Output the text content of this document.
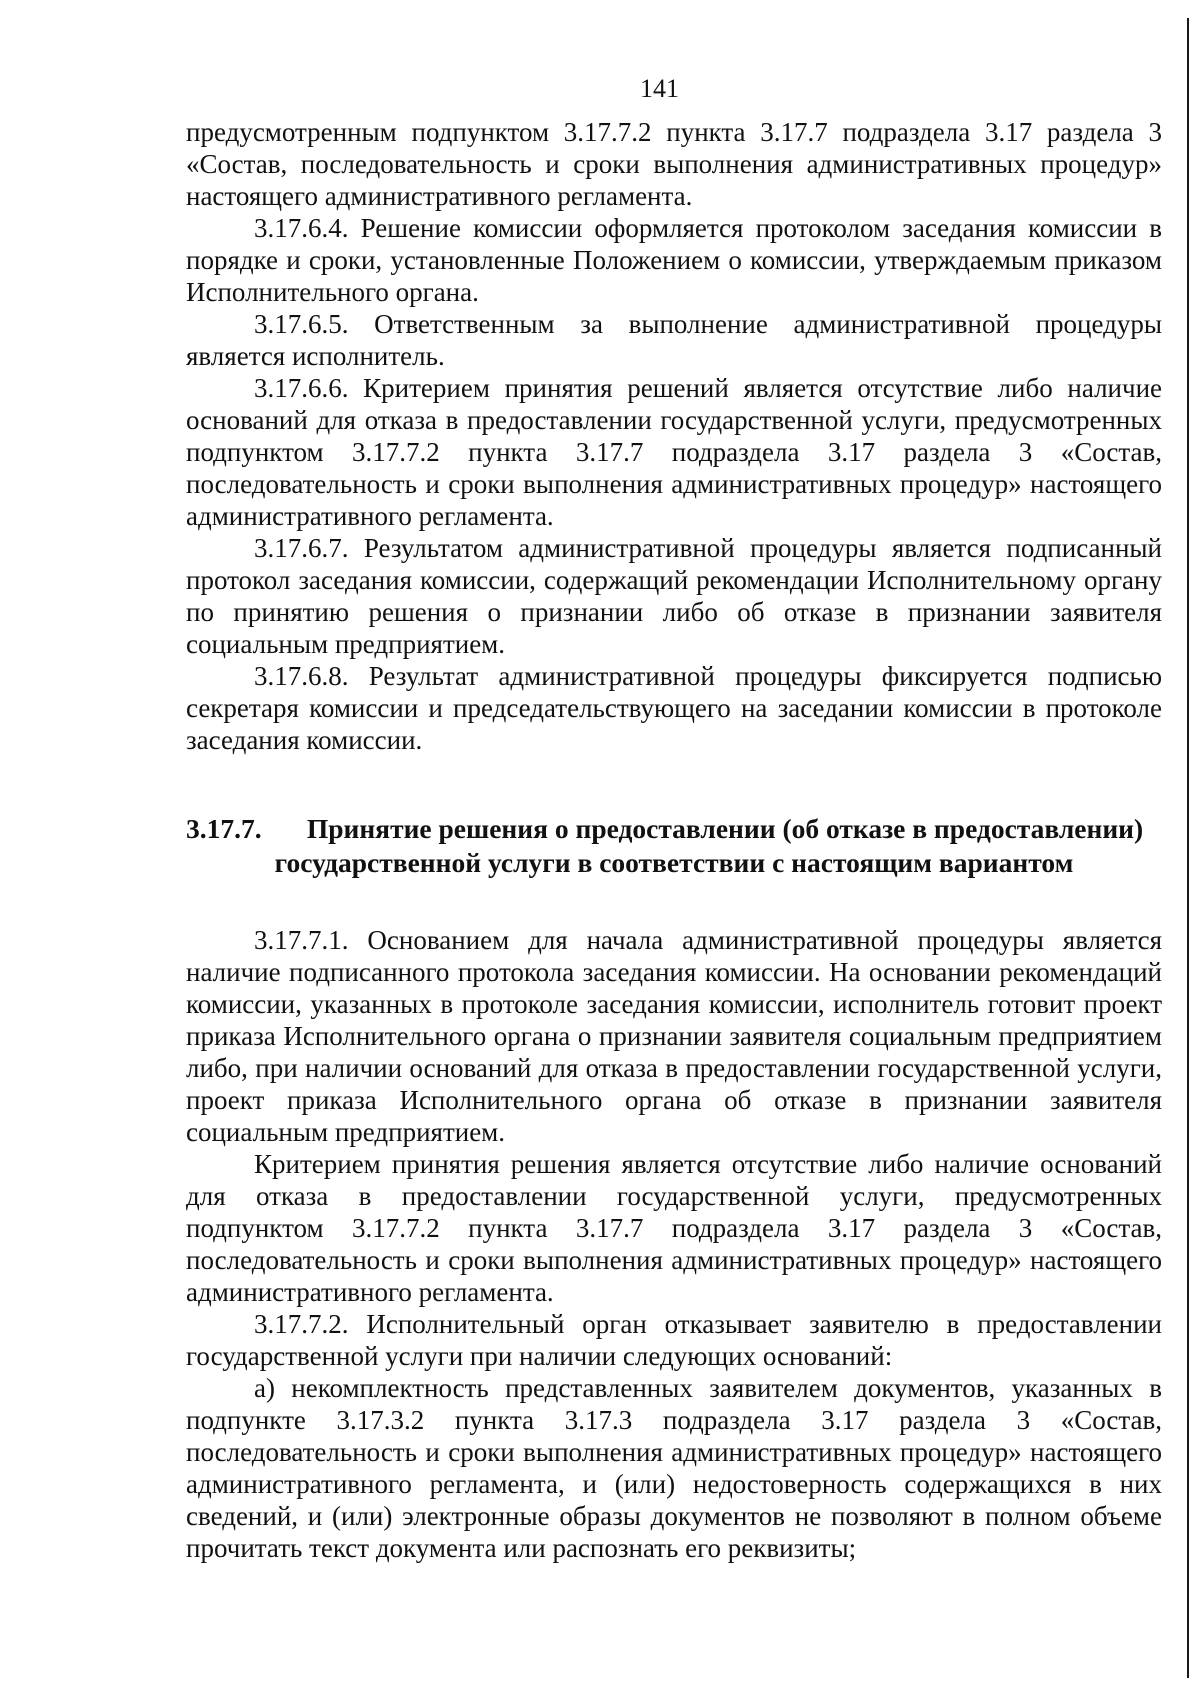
141

предусмотренным подпунктом 3.17.7.2 пункта 3.17.7 подраздела 3.17 раздела 3 «Состав, последовательность и сроки выполнения административных процедур» настоящего административного регламента.

3.17.6.4. Решение комиссии оформляется протоколом заседания комиссии в порядке и сроки, установленные Положением о комиссии, утверждаемым приказом Исполнительного органа.

3.17.6.5. Ответственным за выполнение административной процедуры является исполнитель.

3.17.6.6. Критерием принятия решений является отсутствие либо наличие оснований для отказа в предоставлении государственной услуги, предусмотренных подпунктом 3.17.7.2 пункта 3.17.7 подраздела 3.17 раздела 3 «Состав, последовательность и сроки выполнения административных процедур» настоящего административного регламента.

3.17.6.7. Результатом административной процедуры является подписанный протокол заседания комиссии, содержащий рекомендации Исполнительному органу по принятию решения о признании либо об отказе в признании заявителя социальным предприятием.

3.17.6.8. Результат административной процедуры фиксируется подписью секретаря комиссии и председательствующего на заседании комиссии в протоколе заседания комиссии.

3.17.7.	Принятие решения о предоставлении (об отказе в предоставлении)
государственной услуги в соответствии с настоящим вариантом

3.17.7.1. Основанием для начала административной процедуры является наличие подписанного протокола заседания комиссии. На основании рекомендаций комиссии, указанных в протоколе заседания комиссии, исполнитель готовит проект приказа Исполнительного органа о признании заявителя социальным предприятием либо, при наличии оснований для отказа в предоставлении государственной услуги, проект приказа Исполнительного органа об отказе в признании заявителя социальным предприятием.

Критерием принятия решения является отсутствие либо наличие оснований для отказа в предоставлении государственной услуги, предусмотренных подпунктом 3.17.7.2 пункта 3.17.7 подраздела 3.17 раздела 3 «Состав, последовательность и сроки выполнения административных процедур» настоящего административного регламента.

3.17.7.2. Исполнительный орган отказывает заявителю в предоставлении государственной услуги при наличии следующих оснований:

а) некомплектность представленных заявителем документов, указанных в подпункте 3.17.3.2 пункта 3.17.3 подраздела 3.17 раздела 3 «Состав, последовательность и сроки выполнения административных процедур» настоящего административного регламента, и (или) недостоверность содержащихся в них сведений, и (или) электронные образы документов не позволяют в полном объеме прочитать текст документа или распознать его реквизиты;
